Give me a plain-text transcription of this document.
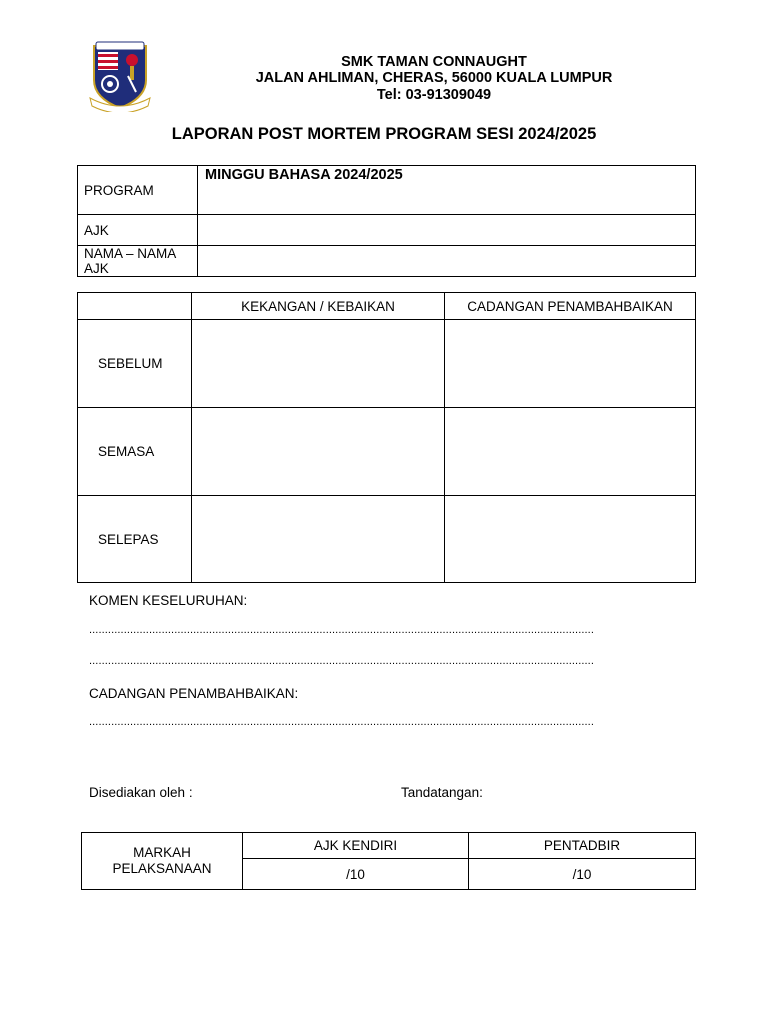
SMK TAMAN CONNAUGHT
JALAN AHLIMAN, CHERAS, 56000 KUALA LUMPUR
Tel: 03-91309049
LAPORAN POST MORTEM PROGRAM SESI 2024/2025
PROGRAM	MINGGU BAHASA 2024/2025
AJK	
NAMA – NAMA AJK	
	KEKANGAN / KEBAIKAN	CADANGAN PENAMBAHBAIKAN
SEBELUM		
SEMASA		
SELEPAS		
KOMEN KESELURUHAN:
................................................................................................................................................................
................................................................................................................................................................
CADANGAN PENAMBAHBAIKAN:
................................................................................................................................................................
Disediakan oleh :	Tandatangan:
MARKAH PELAKSANAAN	AJK KENDIRI	PENTADBIR
	/10	/10
